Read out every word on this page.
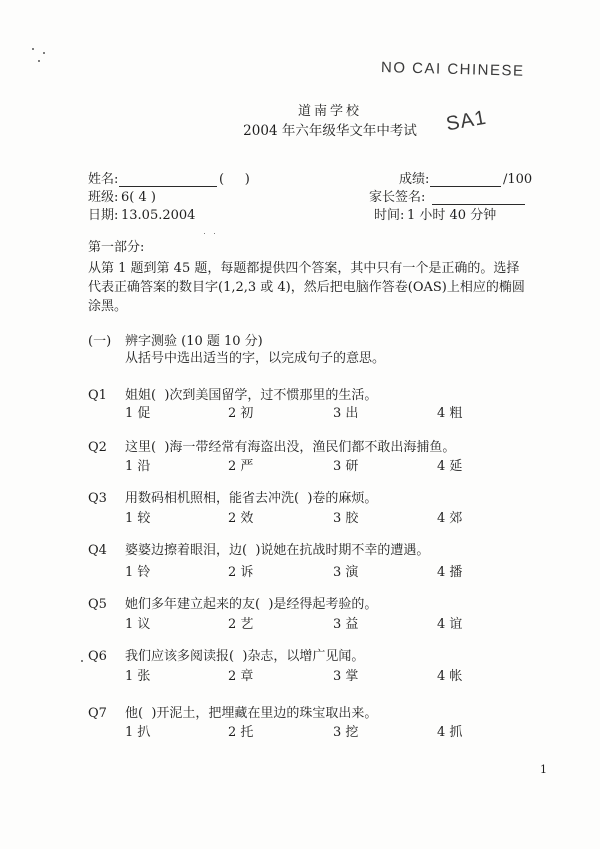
NO CAI CHINESE
SA1
道南学校
2004 年六年级华文年中考试
姓名:	(     )	成绩:	/100
班级: 6( 4 )	家长签名:
日期: 13.05.2004	时间: 1 小时 40 分钟
第一部分:
从第 1 题到第 45 题，每题都提供四个答案，其中只有一个是正确的。选择
代表正确答案的数目字(1,2,3 或 4)，然后把电脑作答卷(OAS)上相应的椭圆
涂黑。
(一) 辨字测验 (10 题 10 分)
从括号中选出适当的字，以完成句子的意思。
Q1 姐姐(  )次到美国留学，过不惯那里的生活。
1 促	2 初	3 出	4 粗
Q2 这里(  )海一带经常有海盗出没，渔民们都不敢出海捕鱼。
1 沿	2 严	3 研	4 延
Q3 用数码相机照相，能省去冲洗(  )卷的麻烦。
1 较	2 效	3 胶	4 郊
Q4 婆婆边擦着眼泪，边(  )说她在抗战时期不幸的遭遇。
1 铃	2 诉	3 演	4 播
Q5 她们多年建立起来的友(  )是经得起考验的。
1 议	2 艺	3 益	4 谊
Q6 我们应该多阅读报(  )杂志，以增广见闻。
1 张	2 章	3 掌	4 帐
Q7 他(  )开泥土，把埋藏在里边的珠宝取出来。
1 扒	2 托	3 挖	4 抓
1
